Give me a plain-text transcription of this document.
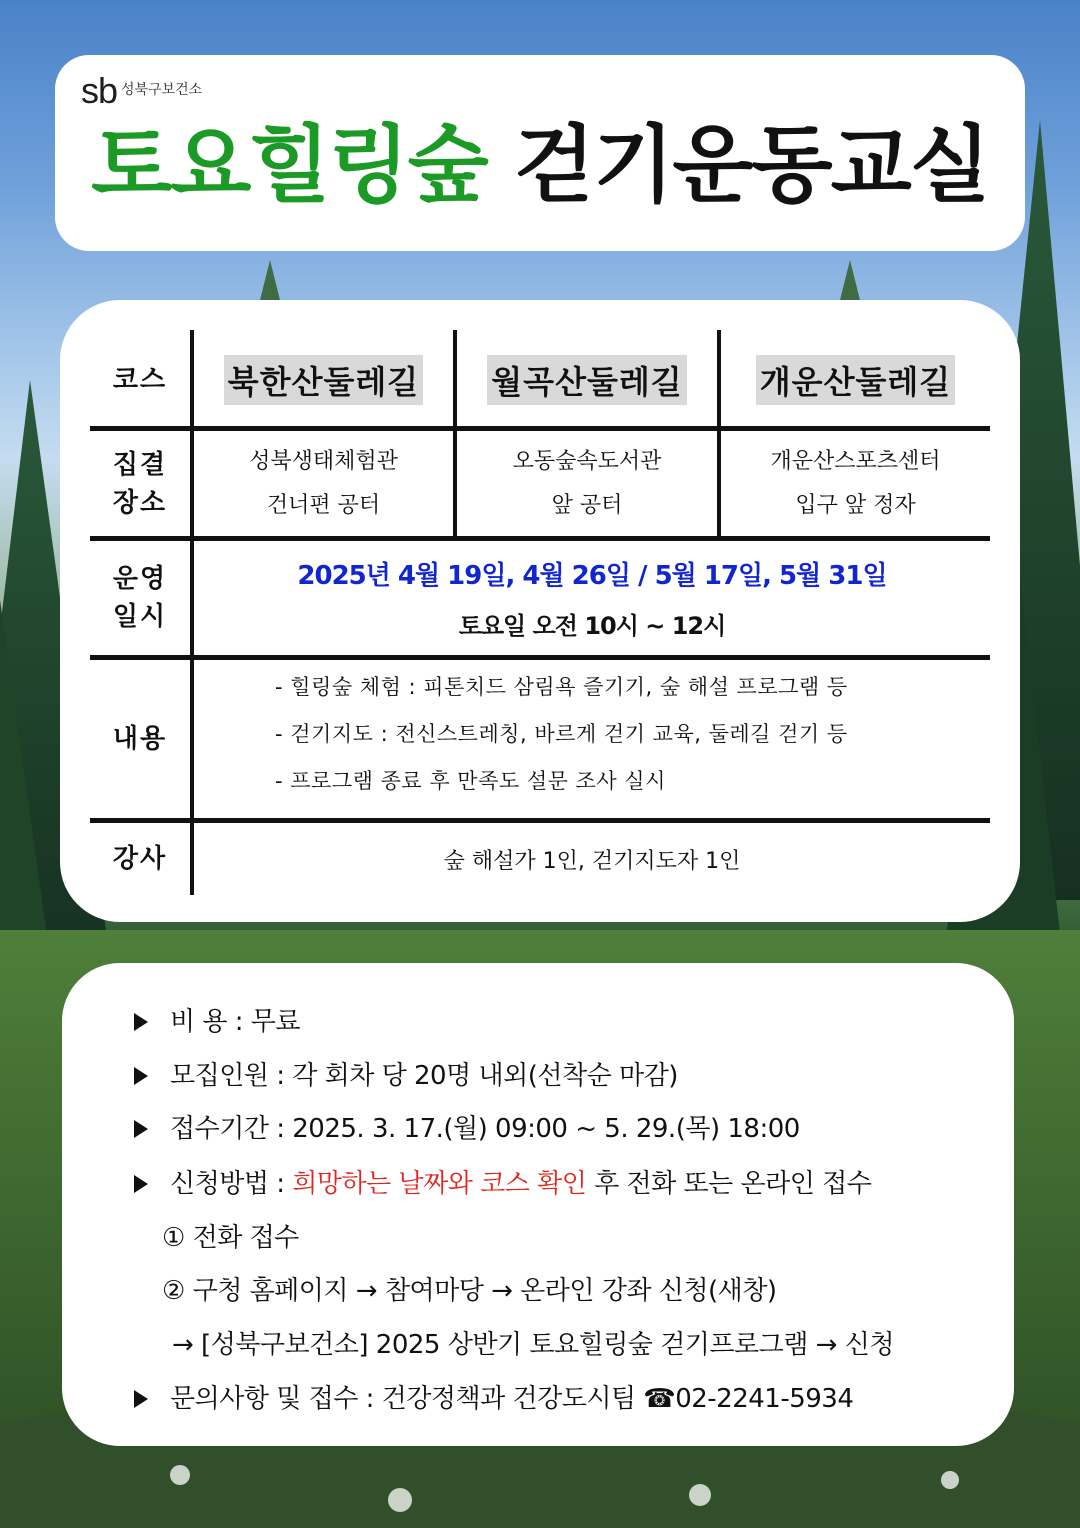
sb 성북구보건소
토요힐링숲 걷기운동교실
코스 북한산둘레길 월곡산둘레길 개운산둘레길
집결
장소
성북생태체험관
건너편 공터
오동숲속도서관
앞 공터
개운산스포츠센터
입구 앞 정자
운영
일시
2025년 4월 19일, 4월 26일 / 5월 17일, 5월 31일
토요일 오전 10시 ~ 12시
내용
- 힐링숲 체험 : 피톤치드 삼림욕 즐기기, 숲 해설 프로그램 등
- 걷기지도 : 전신스트레칭, 바르게 걷기 교육, 둘레길 걷기 등
- 프로그램 종료 후 만족도 설문 조사 실시
강사	숲 해설가 1인, 걷기지도자 1인
비 용 : 무료
모집인원 : 각 회차 당 20명 내외(선착순 마감)
접수기간 : 2025. 3. 17.(월) 09:00 ~ 5. 29.(목) 18:00
신청방법 : 희망하는 날짜와 코스 확인 후 전화 또는 온라인 접수
① 전화 접수
② 구청 홈페이지 → 참여마당 → 온라인 강좌 신청(새창)
→ [성북구보건소] 2025 상반기 토요힐링숲 걷기프로그램 → 신청
문의사항 및 접수 : 건강정책과 건강도시팀 ☎02-2241-5934
